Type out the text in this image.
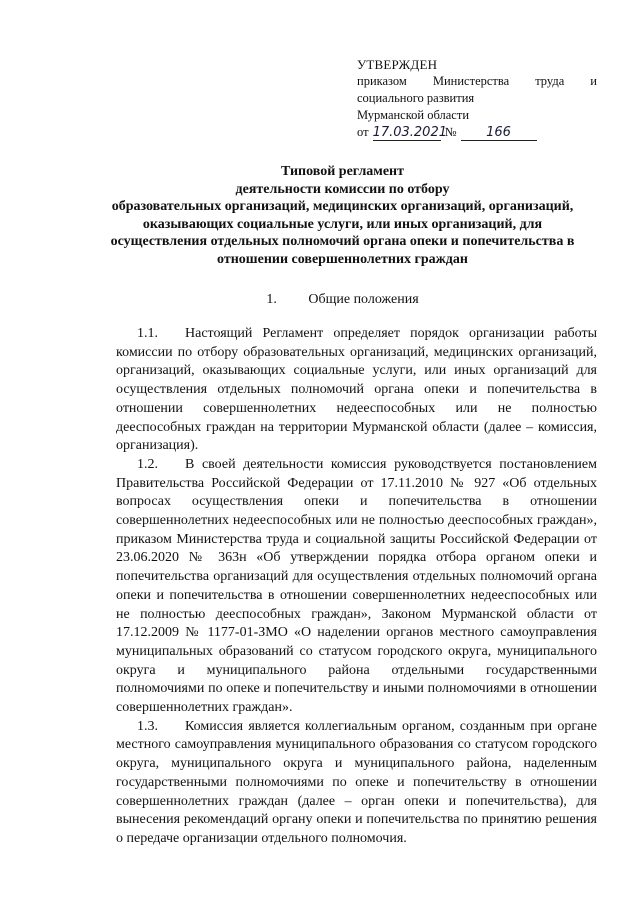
УТВЕРЖДЕН
приказом Министерства труда и
социального развития
Мурманской области
от 17.03.2021
№	166
Типовой регламент
деятельности комиссии по отбору
образовательных организаций, медицинских организаций, организаций,
оказывающих социальные услуги, или иных организаций, для
осуществления отдельных полномочий органа опеки и попечительства в
отношении совершеннолетних граждан
1. Общие положения

1.1. Настоящий Регламент определяет порядок организации работы комиссии по отбору образовательных организаций, медицинских организаций, организаций, оказывающих социальные услуги, или иных организаций для осуществления отдельных полномочий органа опеки и попечительства в отношении совершеннолетних недееспособных или не полностью дееспособных граждан на территории Мурманской области (далее – комиссия, организация).

1.2. В своей деятельности комиссия руководствуется постановлением Правительства Российской Федерации от 17.11.2010 № 927 «Об отдельных вопросах осуществления опеки и попечительства в отношении совершеннолетних недееспособных или не полностью дееспособных граждан», приказом Министерства труда и социальной защиты Российской Федерации от 23.06.2020 № 363н «Об утверждении порядка отбора органом опеки и попечительства организаций для осуществления отдельных полномочий органа опеки и попечительства в отношении совершеннолетних недееспособных или не полностью дееспособных граждан», Законом Мурманской области от 17.12.2009 № 1177-01-ЗМО «О наделении органов местного самоуправления муниципальных образований со статусом городского округа, муниципального округа и муниципального района отдельными государственными полномочиями по опеке и попечительству и иными полномочиями в отношении совершеннолетних граждан».

1.3. Комиссия является коллегиальным органом, созданным при органе местного самоуправления муниципального образования со статусом городского округа, муниципального округа и муниципального района, наделенным государственными полномочиями по опеке и попечительству в отношении совершеннолетних граждан (далее – орган опеки и попечительства), для вынесения рекомендаций органу опеки и попечительства по принятию решения о передаче организации отдельного полномочия.
